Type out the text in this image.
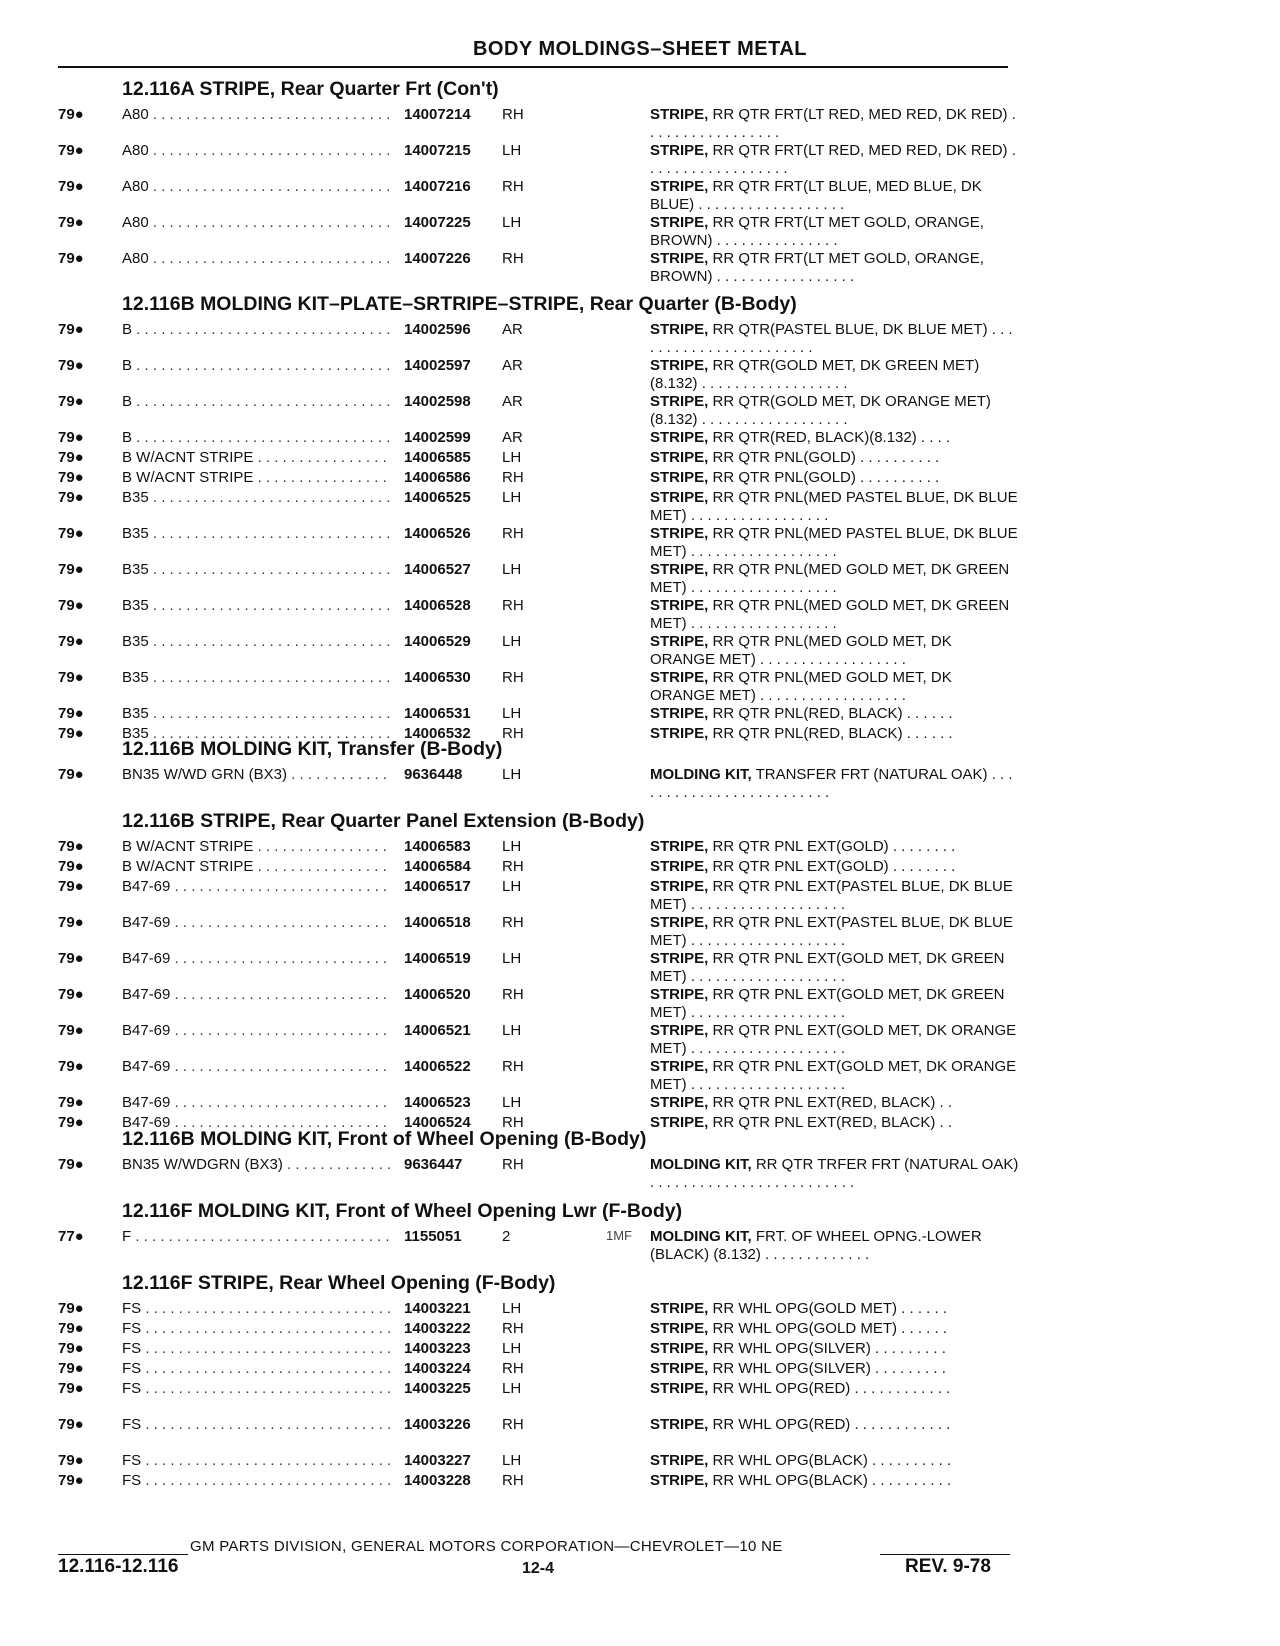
BODY MOLDINGS–SHEET METAL
12.116A STRIPE, Rear Quarter Frt (Con't)
79●	A80 . . .	14007214 RH	STRIPE, RR QTR FRT(LT RED, MED RED, DK RED) . . . . . . . . . . . . . . . . .
79●	A80 . . .	14007215 LH	STRIPE, RR QTR FRT(LT RED, MED RED, DK RED) . . . . . . . . . . . . . . . . . .
79●	A80 . . .	14007216 RH	STRIPE, RR QTR FRT(LT BLUE, MED BLUE, DK BLUE) . . . . . . . . . . . . . . . . . .
79●	A80 . . .	14007225 LH	STRIPE, RR QTR FRT(LT MET GOLD, ORANGE, BROWN) . . . . . . . . . . . . . . .
79●	A80 . . .	14007226 RH	STRIPE, RR QTR FRT(LT MET GOLD, ORANGE, BROWN) . . . . . . . . . . . . . . . . .
12.116B MOLDING KIT–PLATE–SRTRIPE–STRIPE, Rear Quarter (B-Body)
79●	B . . .	14002596 AR	STRIPE, RR QTR(PASTEL BLUE, DK BLUE MET) . . . . . . . . . . . . . . . . . . . . . . .
79●	B . . .	14002597 AR	STRIPE, RR QTR(GOLD MET, DK GREEN MET)(8.132) . . . . . . . . . . . . . . . . . .
79●	B . . .	14002598 AR	STRIPE, RR QTR(GOLD MET, DK ORANGE MET)(8.132) . . . . . . . . . . . . . . . . . .
79●	B . . .	14002599 AR	STRIPE, RR QTR(RED, BLACK)(8.132) . . . .
79●	B W/ACNT STRIPE . . .	14006585 LH	STRIPE, RR QTR PNL(GOLD) . . . . . . . . . .
79●	B W/ACNT STRIPE . . .	14006586 RH	STRIPE, RR QTR PNL(GOLD) . . . . . . . . . .
79●	B35 . . .	14006525 LH	STRIPE, RR QTR PNL(MED PASTEL BLUE, DK BLUE MET) . . . . . . . . . . . . . . . . .
79●	B35 . . .	14006526 RH	STRIPE, RR QTR PNL(MED PASTEL BLUE, DK BLUE MET) . . . . . . . . . . . . . . . . . .
79●	B35 . . .	14006527 LH	STRIPE, RR QTR PNL(MED GOLD MET, DK GREEN MET) . . . . . . . . . . . . . . . . . .
79●	B35 . . .	14006528 RH	STRIPE, RR QTR PNL(MED GOLD MET, DK GREEN MET) . . . . . . . . . . . . . . . . . .
79●	B35 . . .	14006529 LH	STRIPE, RR QTR PNL(MED GOLD MET, DK ORANGE MET) . . . . . . . . . . . . . . . . . .
79●	B35 . . .	14006530 RH	STRIPE, RR QTR PNL(MED GOLD MET, DK ORANGE MET) . . . . . . . . . . . . . . . . . .
79●	B35 . . .	14006531 LH	STRIPE, RR QTR PNL(RED, BLACK) . . . . . .
79●	B35 . . .	14006532 RH	STRIPE, RR QTR PNL(RED, BLACK) . . . . . .
12.116B MOLDING KIT, Transfer (B-Body)
79●	BN35 W/WD GRN (BX3) . . .	9636448	LH	MOLDING KIT, TRANSFER FRT (NATURAL OAK) . . . . . . . . . . . . . . . . . . . . . . . . .
12.116B STRIPE, Rear Quarter Panel Extension (B-Body)
79●	B W/ACNT STRIPE . . .	14006583 LH	STRIPE, RR QTR PNL EXT(GOLD) . . . . . . . .
79●	B W/ACNT STRIPE . . .	14006584 RH	STRIPE, RR QTR PNL EXT(GOLD) . . . . . . . .
79●	B47-69 . . .	14006517 LH	STRIPE, RR QTR PNL EXT(PASTEL BLUE, DK BLUE MET) . . . . . . . . . . . . . . . . . . .
79●	B47-69 . . .	14006518 RH	STRIPE, RR QTR PNL EXT(PASTEL BLUE, DK BLUE MET) . . . . . . . . . . . . . . . . . . .
79●	B47-69 . . .	14006519 LH	STRIPE, RR QTR PNL EXT(GOLD MET, DK GREEN MET) . . . . . . . . . . . . . . . . . . .
79●	B47-69 . . .	14006520 RH	STRIPE, RR QTR PNL EXT(GOLD MET, DK GREEN MET) . . . . . . . . . . . . . . . . . . .
79●	B47-69 . . .	14006521 LH	STRIPE, RR QTR PNL EXT(GOLD MET, DK ORANGE MET) . . . . . . . . . . . . . . . . . . .
79●	B47-69 . . .	14006522 RH	STRIPE, RR QTR PNL EXT(GOLD MET, DK ORANGE MET) . . . . . . . . . . . . . . . . . . .
79●	B47-69 . . .	14006523 LH	STRIPE, RR QTR PNL EXT(RED, BLACK) . .
79●	B47-69 . . .	14006524 RH	STRIPE, RR QTR PNL EXT(RED, BLACK) . .
12.116B MOLDING KIT, Front of Wheel Opening (B-Body)
79●	BN35 W/WDGRN (BX3) . . .	9636447	RH	MOLDING KIT, RR QTR TRFER FRT (NATURAL OAK) . . . . . . . . . . . . . . . . . . . . . . . . .
12.116F MOLDING KIT, Front of Wheel Opening Lwr (F-Body)
77●	F . . .	1155051	2	1MF MOLDING KIT, FRT. OF WHEEL OPNG.-LOWER (BLACK) (8.132) . . . . . . . . . . . . .
12.116F STRIPE, Rear Wheel Opening (F-Body)
79●	FS . . .	14003221 LH	STRIPE, RR WHL OPG(GOLD MET) . . . . . .
79●	FS . . .	14003222 RH	STRIPE, RR WHL OPG(GOLD MET) . . . . . .
79●	FS . . .	14003223 LH	STRIPE, RR WHL OPG(SILVER) . . . . . . . . .
79●	FS . . .	14003224 RH	STRIPE, RR WHL OPG(SILVER) . . . . . . . . .
79●	FS . . .	14003225 LH	STRIPE, RR WHL OPG(RED) . . . . . . . . . . . .
79●	FS . . .	14003226 RH	STRIPE, RR WHL OPG(RED) . . . . . . . . . . . .
79●	FS . . .	14003227 LH	STRIPE, RR WHL OPG(BLACK) . . . . . . . . . .
79●	FS . . .	14003228 RH	STRIPE, RR WHL OPG(BLACK) . . . . . . . . . .
GM PARTS DIVISION, GENERAL MOTORS CORPORATION—CHEVROLET—10 NE
12.116-12.116	12-4	REV. 9-78
